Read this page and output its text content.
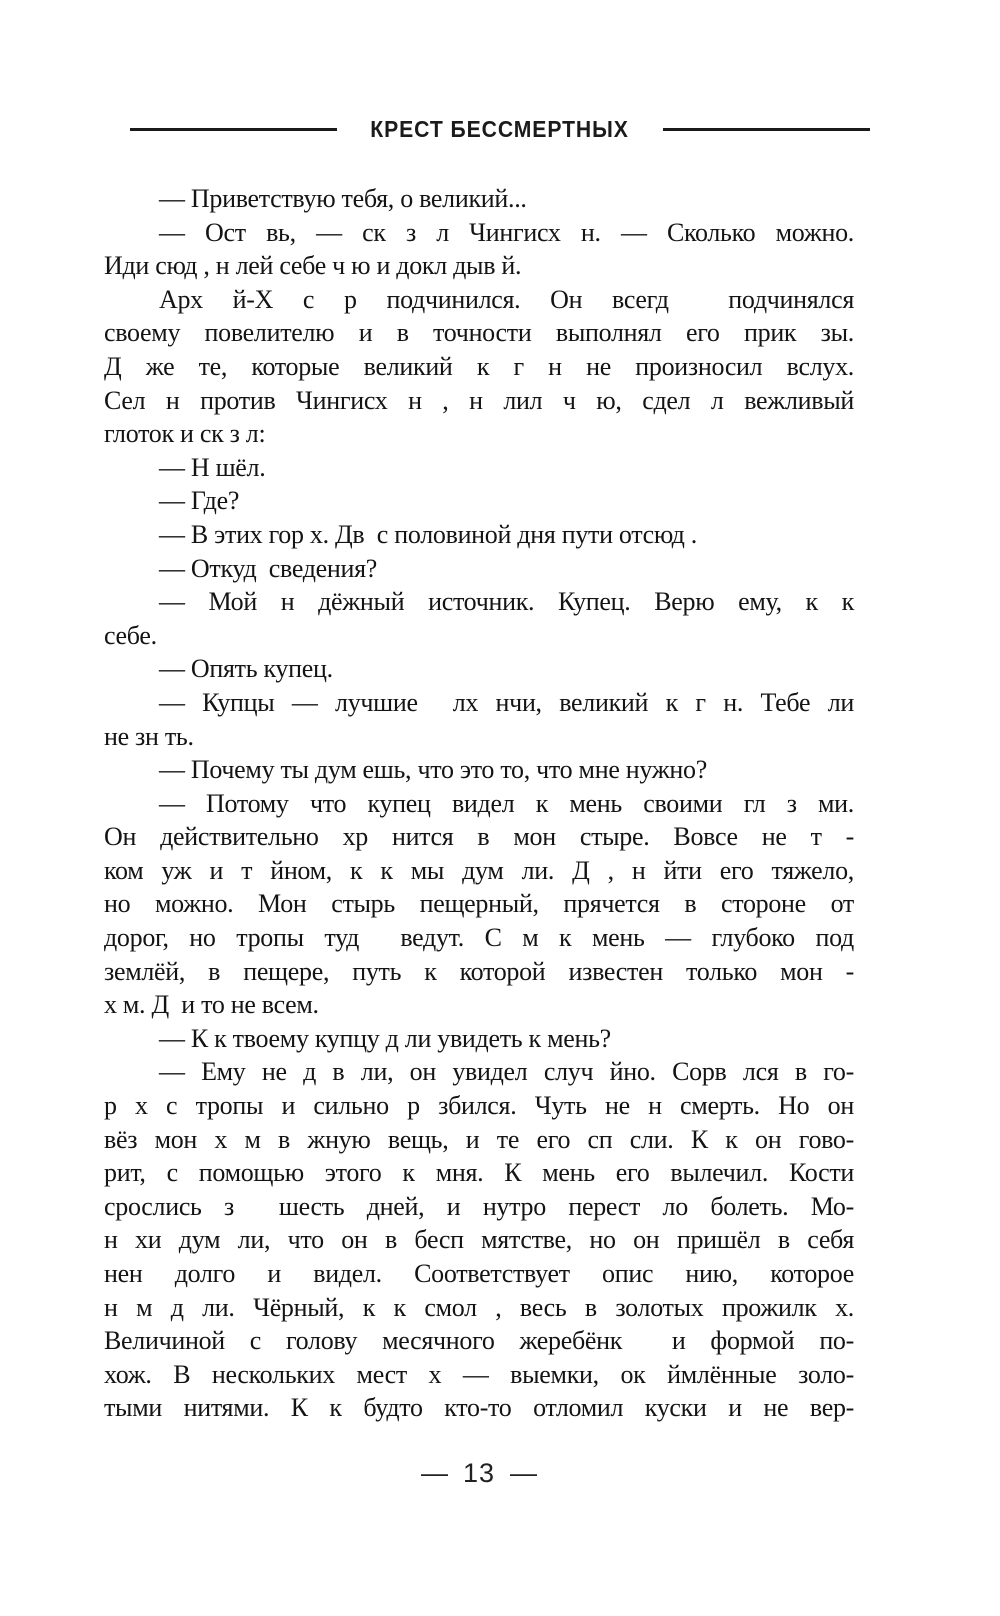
КРЕСТ БЕССМЕРТНЫХ
— Приветствую тебя, о великий...
— Ост вь, — ск з л Чингисх н. — Сколько можно.
Иди сюд , н лей себе ч ю и докл дыв й.
Арх й-Х с р подчинился. Он всегд  подчинялся
своему повелителю и в точности выполнял его прик зы.
Д же те, которые великий к г н не произносил вслух.
Сел н против Чингисх н , н лил ч ю, сдел л вежливый
глоток и ск з л:
— Н шёл.
— Где?
— В этих гор х. Дв  с половиной дня пути отсюд .
— Откуд  сведения?
— Мой н дёжный источник. Купец. Верю ему, к к
себе.
— Опять купец.
— Купцы — лучшие  лх нчи, великий к г н. Тебе ли
не зн ть.
— Почему ты дум ешь, что это то, что мне нужно?
— Потому что купец видел к мень своими гл з ми.
Он действительно хр нится в мон стыре. Вовсе не т -
ком уж и т йном, к к мы дум ли. Д , н йти его тяжело,
но можно. Мон стырь пещерный, прячется в стороне от
дорог, но тропы туд  ведут. С м к мень — глубоко под
землёй, в пещере, путь к которой известен только мон -
х м. Д  и то не всем.
— К к твоему купцу д ли увидеть к мень?
— Ему не д в ли, он увидел случ йно. Сорв лся в го-
р х с тропы и сильно р збился. Чуть не н смерть. Но он
вёз мон х м в жную вещь, и те его сп сли. К к он гово-
рит, с помощью этого к мня. К мень его вылечил. Кости
срослись з  шесть дней, и нутро перест ло болеть. Мо-
н хи дум ли, что он в бесп мятстве, но он пришёл в себя
нен долго и видел. Соответствует опис нию, которое
н м д ли. Чёрный, к к смол , весь в золотых прожилк х.
Величиной с голову месячного жеребёнк  и формой по-
хож. В нескольких мест х — выемки, ок ймлённые золо-
тыми нитями. К к будто кто-то отломил куски и не вер-
— 13 —
